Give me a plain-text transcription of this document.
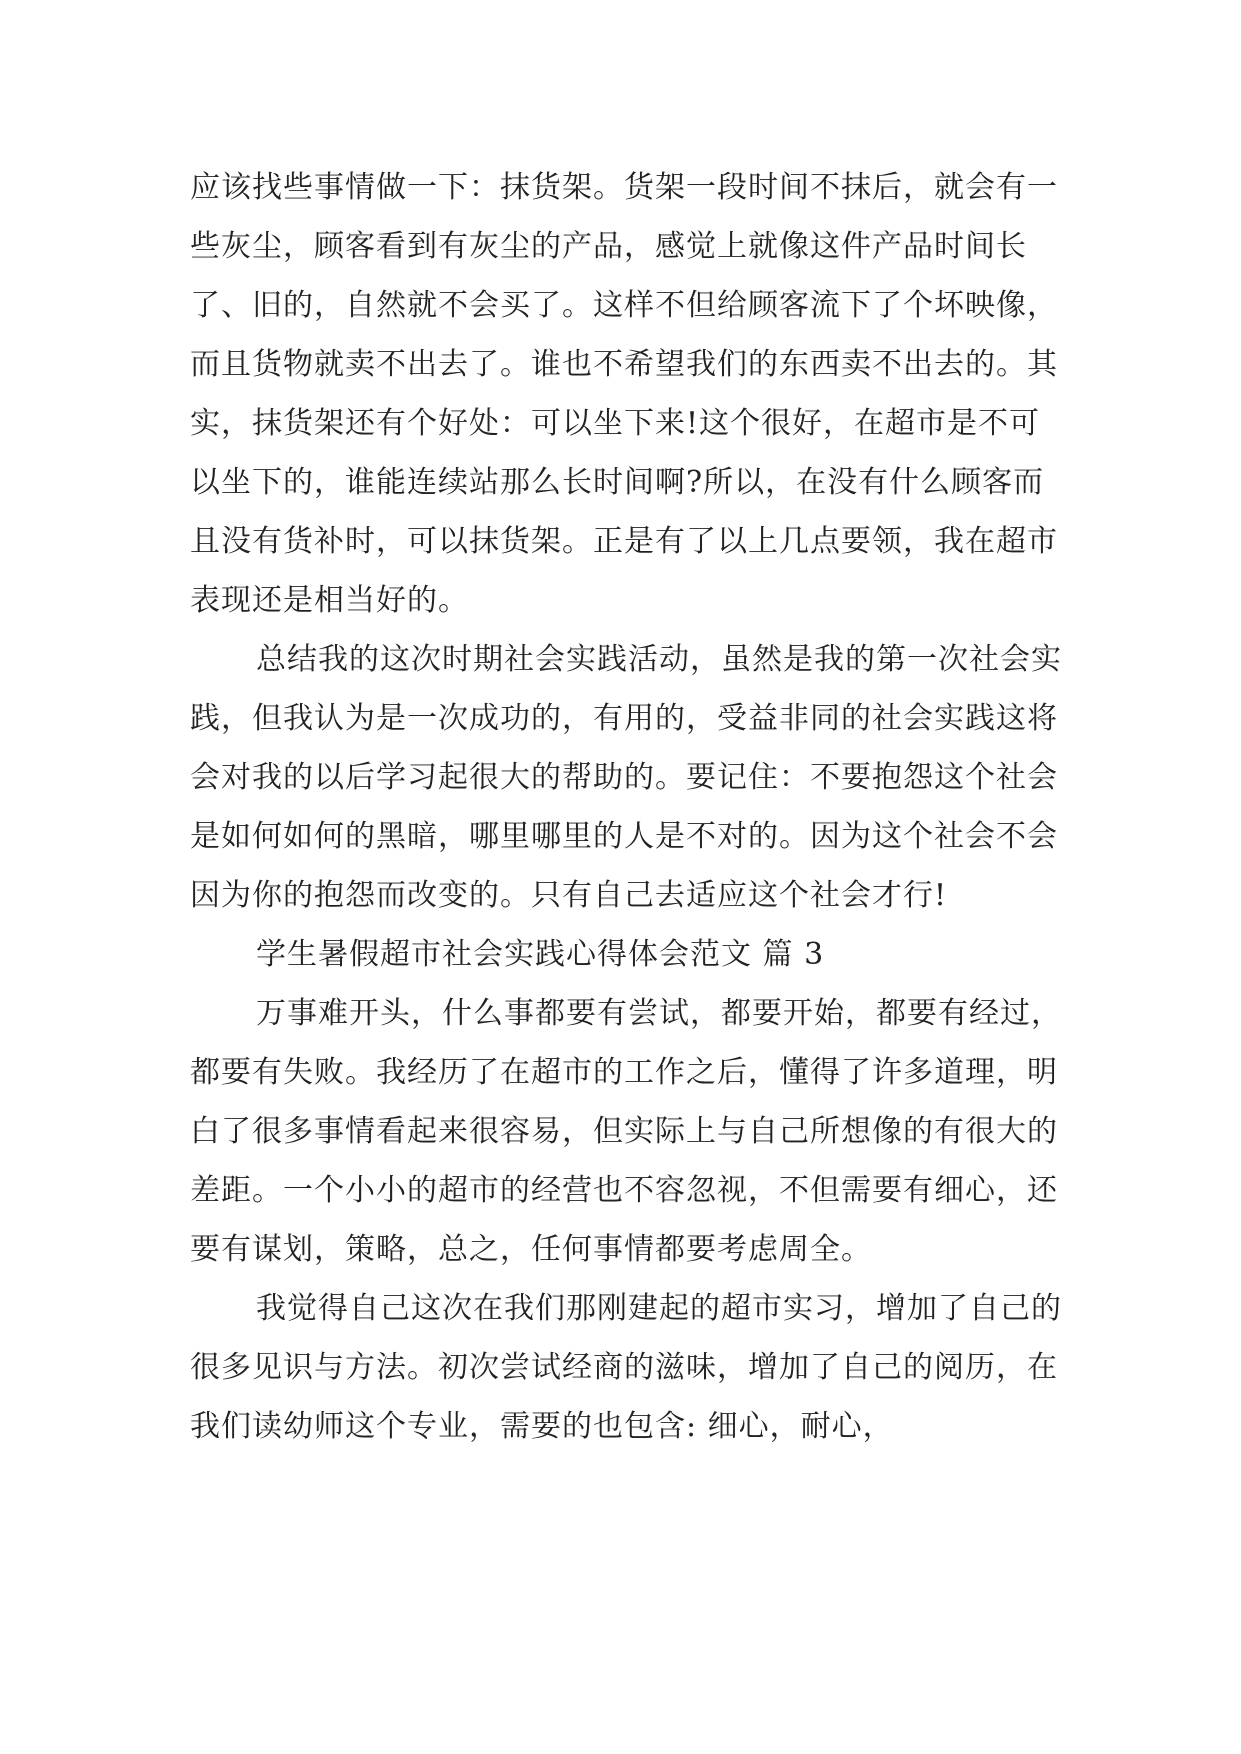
应该找些事情做一下：抹货架。货架一段时间不抹后，就会有一些灰尘，顾客看到有灰尘的产品，感觉上就像这件产品时间长了、旧的，自然就不会买了。这样不但给顾客流下了个坏映像，而且货物就卖不出去了。谁也不希望我们的东西卖不出去的。其实，抹货架还有个好处：可以坐下来!这个很好，在超市是不可以坐下的，谁能连续站那么长时间啊?所以，在没有什么顾客而且没有货补时，可以抹货架。正是有了以上几点要领，我在超市表现还是相当好的。

总结我的这次时期社会实践活动，虽然是我的第一次社会实践，但我认为是一次成功的，有用的，受益非同的社会实践这将会对我的以后学习起很大的帮助的。要记住：不要抱怨这个社会是如何如何的黑暗，哪里哪里的人是不对的。因为这个社会不会因为你的抱怨而改变的。只有自己去适应这个社会才行!

学生暑假超市社会实践心得体会范文 篇 3

万事难开头，什么事都要有尝试，都要开始，都要有经过，都要有失败。我经历了在超市的工作之后，懂得了许多道理，明白了很多事情看起来很容易，但实际上与自己所想像的有很大的差距。一个小小的超市的经营也不容忽视，不但需要有细心，还要有谋划，策略，总之，任何事情都要考虑周全。

我觉得自己这次在我们那刚建起的超市实习，增加了自己的很多见识与方法。初次尝试经商的滋味，增加了自己的阅历，在我们读幼师这个专业，需要的也包含: 细心，耐心，
